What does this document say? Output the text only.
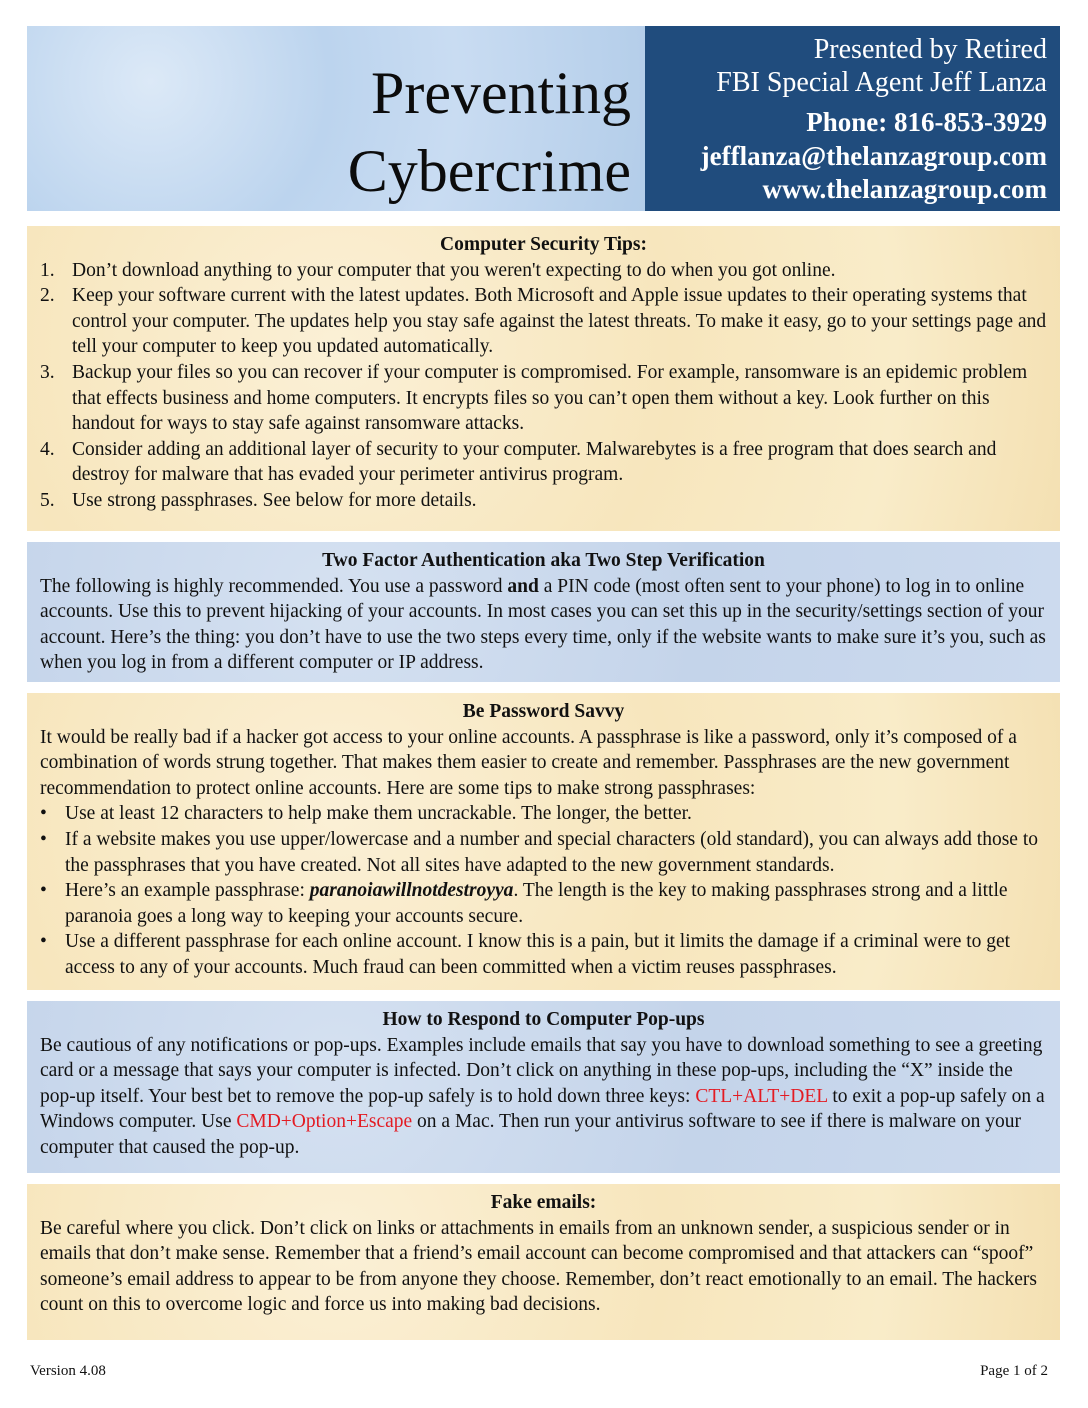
Preventing
Cybercrime
Presented by Retired
FBI Special Agent Jeff Lanza
Phone: 816-853-3929
jefflanza@thelanzagroup.com
www.thelanzagroup.com
Computer Security Tips:
1. Don’t download anything to your computer that you weren't expecting to do when you got online.
2. Keep your software current with the latest updates. Both Microsoft and Apple issue updates to their operating systems that control your computer. The updates help you stay safe against the latest threats. To make it easy, go to your settings page and tell your computer to keep you updated automatically.
3. Backup your files so you can recover if your computer is compromised. For example, ransomware is an epidemic problem that effects business and home computers. It encrypts files so you can’t open them without a key. Look further on this handout for ways to stay safe against ransomware attacks.
4. Consider adding an additional layer of security to your computer. Malwarebytes is a free program that does search and destroy for malware that has evaded your perimeter antivirus program.
5. Use strong passphrases. See below for more details.
Two Factor Authentication aka Two Step Verification
The following is highly recommended. You use a password and a PIN code (most often sent to your phone) to log in to online accounts. Use this to prevent hijacking of your accounts. In most cases you can set this up in the security/settings section of your account. Here’s the thing: you don’t have to use the two steps every time, only if the website wants to make sure it’s you, such as when you log in from a different computer or IP address.
Be Password Savvy
It would be really bad if a hacker got access to your online accounts. A passphrase is like a password, only it’s composed of a combination of words strung together. That makes them easier to create and remember. Passphrases are the new government recommendation to protect online accounts. Here are some tips to make strong passphrases:
• Use at least 12 characters to help make them uncrackable. The longer, the better.
• If a website makes you use upper/lowercase and a number and special characters (old standard), you can always add those to the passphrases that you have created. Not all sites have adapted to the new government standards.
• Here’s an example passphrase: paranoiawillnotdestroyya. The length is the key to making passphrases strong and a little paranoia goes a long way to keeping your accounts secure.
• Use a different passphrase for each online account. I know this is a pain, but it limits the damage if a criminal were to get access to any of your accounts. Much fraud can been committed when a victim reuses passphrases.
How to Respond to Computer Pop-ups
Be cautious of any notifications or pop-ups. Examples include emails that say you have to download something to see a greeting card or a message that says your computer is infected. Don’t click on anything in these pop-ups, including the “X” inside the pop-up itself. Your best bet to remove the pop-up safely is to hold down three keys: CTL+ALT+DEL to exit a pop-up safely on a Windows computer. Use CMD+Option+Escape on a Mac. Then run your antivirus software to see if there is malware on your computer that caused the pop-up.
Fake emails:
Be careful where you click. Don’t click on links or attachments in emails from an unknown sender, a suspicious sender or in emails that don’t make sense. Remember that a friend’s email account can become compromised and that attackers can “spoof” someone’s email address to appear to be from anyone they choose. Remember, don’t react emotionally to an email. The hackers count on this to overcome logic and force us into making bad decisions.
Version 4.08	Page 1 of 2
